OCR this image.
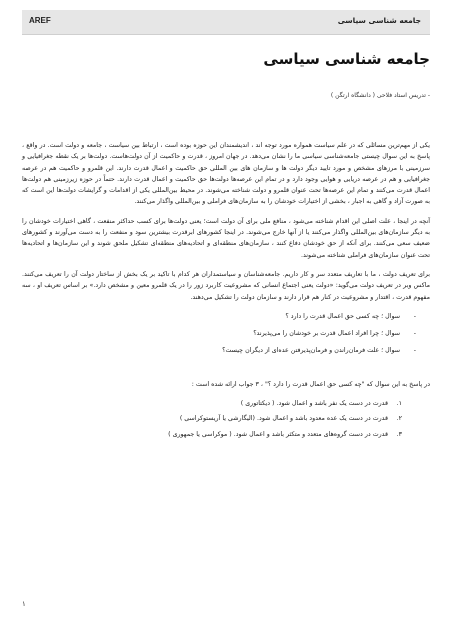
AREF	جامعه شناسی سیاسی
جامعه شناسی سیاسی
- تدریس استاد فلاحی ( دانشگاه ارتگن )

یکی از مهم‌ترین مسائلی که در علم سیاست همواره مورد توجه اند ، اندیشمندان این حوزه بوده است ، ارتباط بین سیاست ، جامعه و دولت است. در واقع ، پاسخ به این سوال چیستی جامعه‌شناسی سیاسی ما را نشان می‌دهد. در جهان امروز ، قدرت و حاکمیت از آن دولت‌هاست. دولت‌ها بر یک نقطه جغرافیایی و سرزمینی با مرزهای مشخص و مورد تایید دیگر دولت ها و سازمان های بین المللی حق حاکمیت و اعمال قدرت دارند. این قلمرو و حاکمیت هم در عرصه جغرافیایی و هم در عرصه دریایی و هوایی وجود دارد و در تمام این عرصه‌ها دولت‌ها حق حاکمیت و اعمال قدرت دارند. حتماً در حوزه زیرزمینی هم دولت‌ها اعمال قدرت می‌کنند و تمام این عرصه‌ها تحت عنوان قلمرو و دولت شناخته می‌شوند. در محیط بین‌المللی یکی از اقدامات و گرایشات دولت‌ها این است که به صورت آزاد و گاهی به اجبار ، بخشی از اختیارات خودشان را به سازمان‌های فراملی و بین‌المللی واگذار می‌کنند.

آنچه در اینجا ، علت اصلی این اقدام شناخته می‌شود ، منافع ملی برای آن دولت است؛ یعنی دولت‌ها برای کسب حداکثر منفعت ، گاهی اختیارات خودشان را به دیگر سازمان‌های بین‌المللی واگذار می‌کنند یا از آنها خارج می‌شوند. در اینجا کشورهای ابرقدرت بیشترین سود و منفعت را به دست می‌آورند و کشورهای ضعیف سعی می‌کنند. برای آنکه از حق خودشان دفاع کنند ، سازمان‌های منطقه‌ای و اتحادیه‌های منطقه‌ای تشکیل ملحق شوند و این سازمان‌ها و اتحادیه‌ها تحت عنوان سازمان‌های فراملی شناخته می‌شوند.

برای تعریف دولت ، ما با تعاریف متعدد سر و کار داریم. جامعه‌شناسان و سیاستمداران هر کدام با تاکید بر یک بخش از ساختار دولت آن را تعریف می‌کنند. ماکس وبر در تعریف دولت می‌گوید: «دولت یعنی اجتماع انسانی که مشروعیت کاربرد زور را در یک قلمرو معین و مشخص دارد.» بر اساس تعریف او ، سه مفهوم قدرت ، اقتدار و مشروعیت در کنار هم قرار دارند و سازمان دولت را تشکیل می‌دهند.

- سوال ؛ چه کسی حق اعمال قدرت را دارد ؟
- سوال ؛ چرا افراد اعمال قدرت بر خودشان را می‌پذیرند؟
- سوال ؛ علت فرمان‌راندن و فرمان‌پذیرفتن عده‌ای از دیگران چیست؟

در پاسخ به این سوال که "چه کسی حق اعمال قدرت را دارد ؟" ، ۳ جواب ارائه شده است :

۱.قدرت در دست یک نفر باشد و اعمال شود. ( دیکتاتوری )
۲.قدرت در دست یک عده معدود باشد و اعمال شود. (الیگارشی یا آریستوکراسی )
۳.قدرت در دست گروه‌های متعدد و متکثر باشد و اعمال شود. ( موکراسی یا جمهوری )
۱
